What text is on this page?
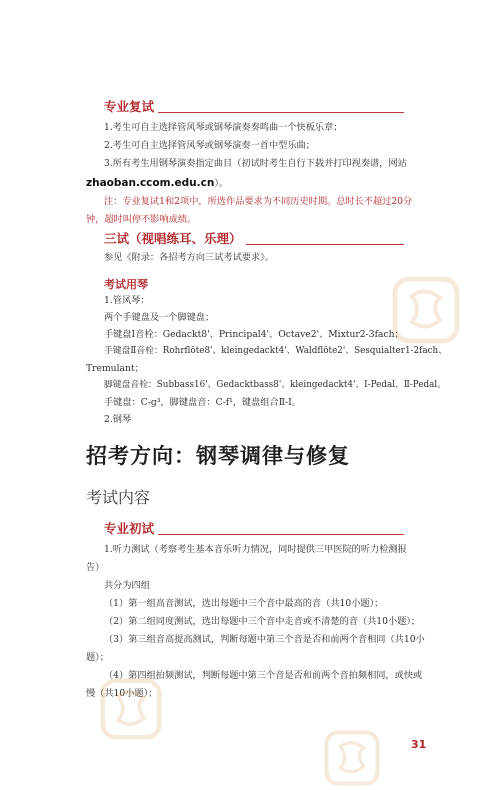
专业复试
1.考生可自主选择管风琴或钢琴演奏奏鸣曲一个快板乐章；
2.考生可自主选择管风琴或钢琴演奏一首中型乐曲；
3.所有考生用钢琴演奏指定曲目（初试时考生自行下载并打印视奏谱，网站
zhaoban.ccom.edu.cn）。
注：专业复试1和2项中，所选作品要求为不同历史时期。总时长不超过20分
钟，超时叫停不影响成绩。
三试（视唱练耳、乐理）
参见《附录：各招考方向三试考试要求》。
考试用琴
1.管风琴：
两个手键盘及一个脚键盘；
手键盘Ⅰ音栓：Gedackt8'、Principal4'、Octave2'、Mixtur2-3fach；
手键盘Ⅱ音栓：Rohrflöte8'、kleingedackt4'、Waldflöte2'、Sesquialter1-2fach、
Tremulant；
脚键盘音栓：Subbass16'、Gedacktbass8'、kleingedackt4'、Ⅰ-Pedal、Ⅱ-Pedal。
手键盘：C-g³，脚键盘音：C-f¹，键盘组合Ⅱ-Ⅰ。
2.钢琴
招考方向：钢琴调律与修复
考试内容
专业初试
1.听力测试（考察考生基本音乐听力情况，同时提供三甲医院的听力检测报
告）
共分为四组
（1）第一组高音测试，选出每题中三个音中最高的音（共10小题）；
（2）第二组同度测试，选出每题中三个音中走音或不清楚的音（共10小题）；
（3）第三组音高提高测试，判断每题中第三个音是否和前两个音相同（共10小
题）；
（4）第四组拍频测试，判断每题中第三个音是否和前两个音拍频相同，或快或
慢（共10小题）；
31
